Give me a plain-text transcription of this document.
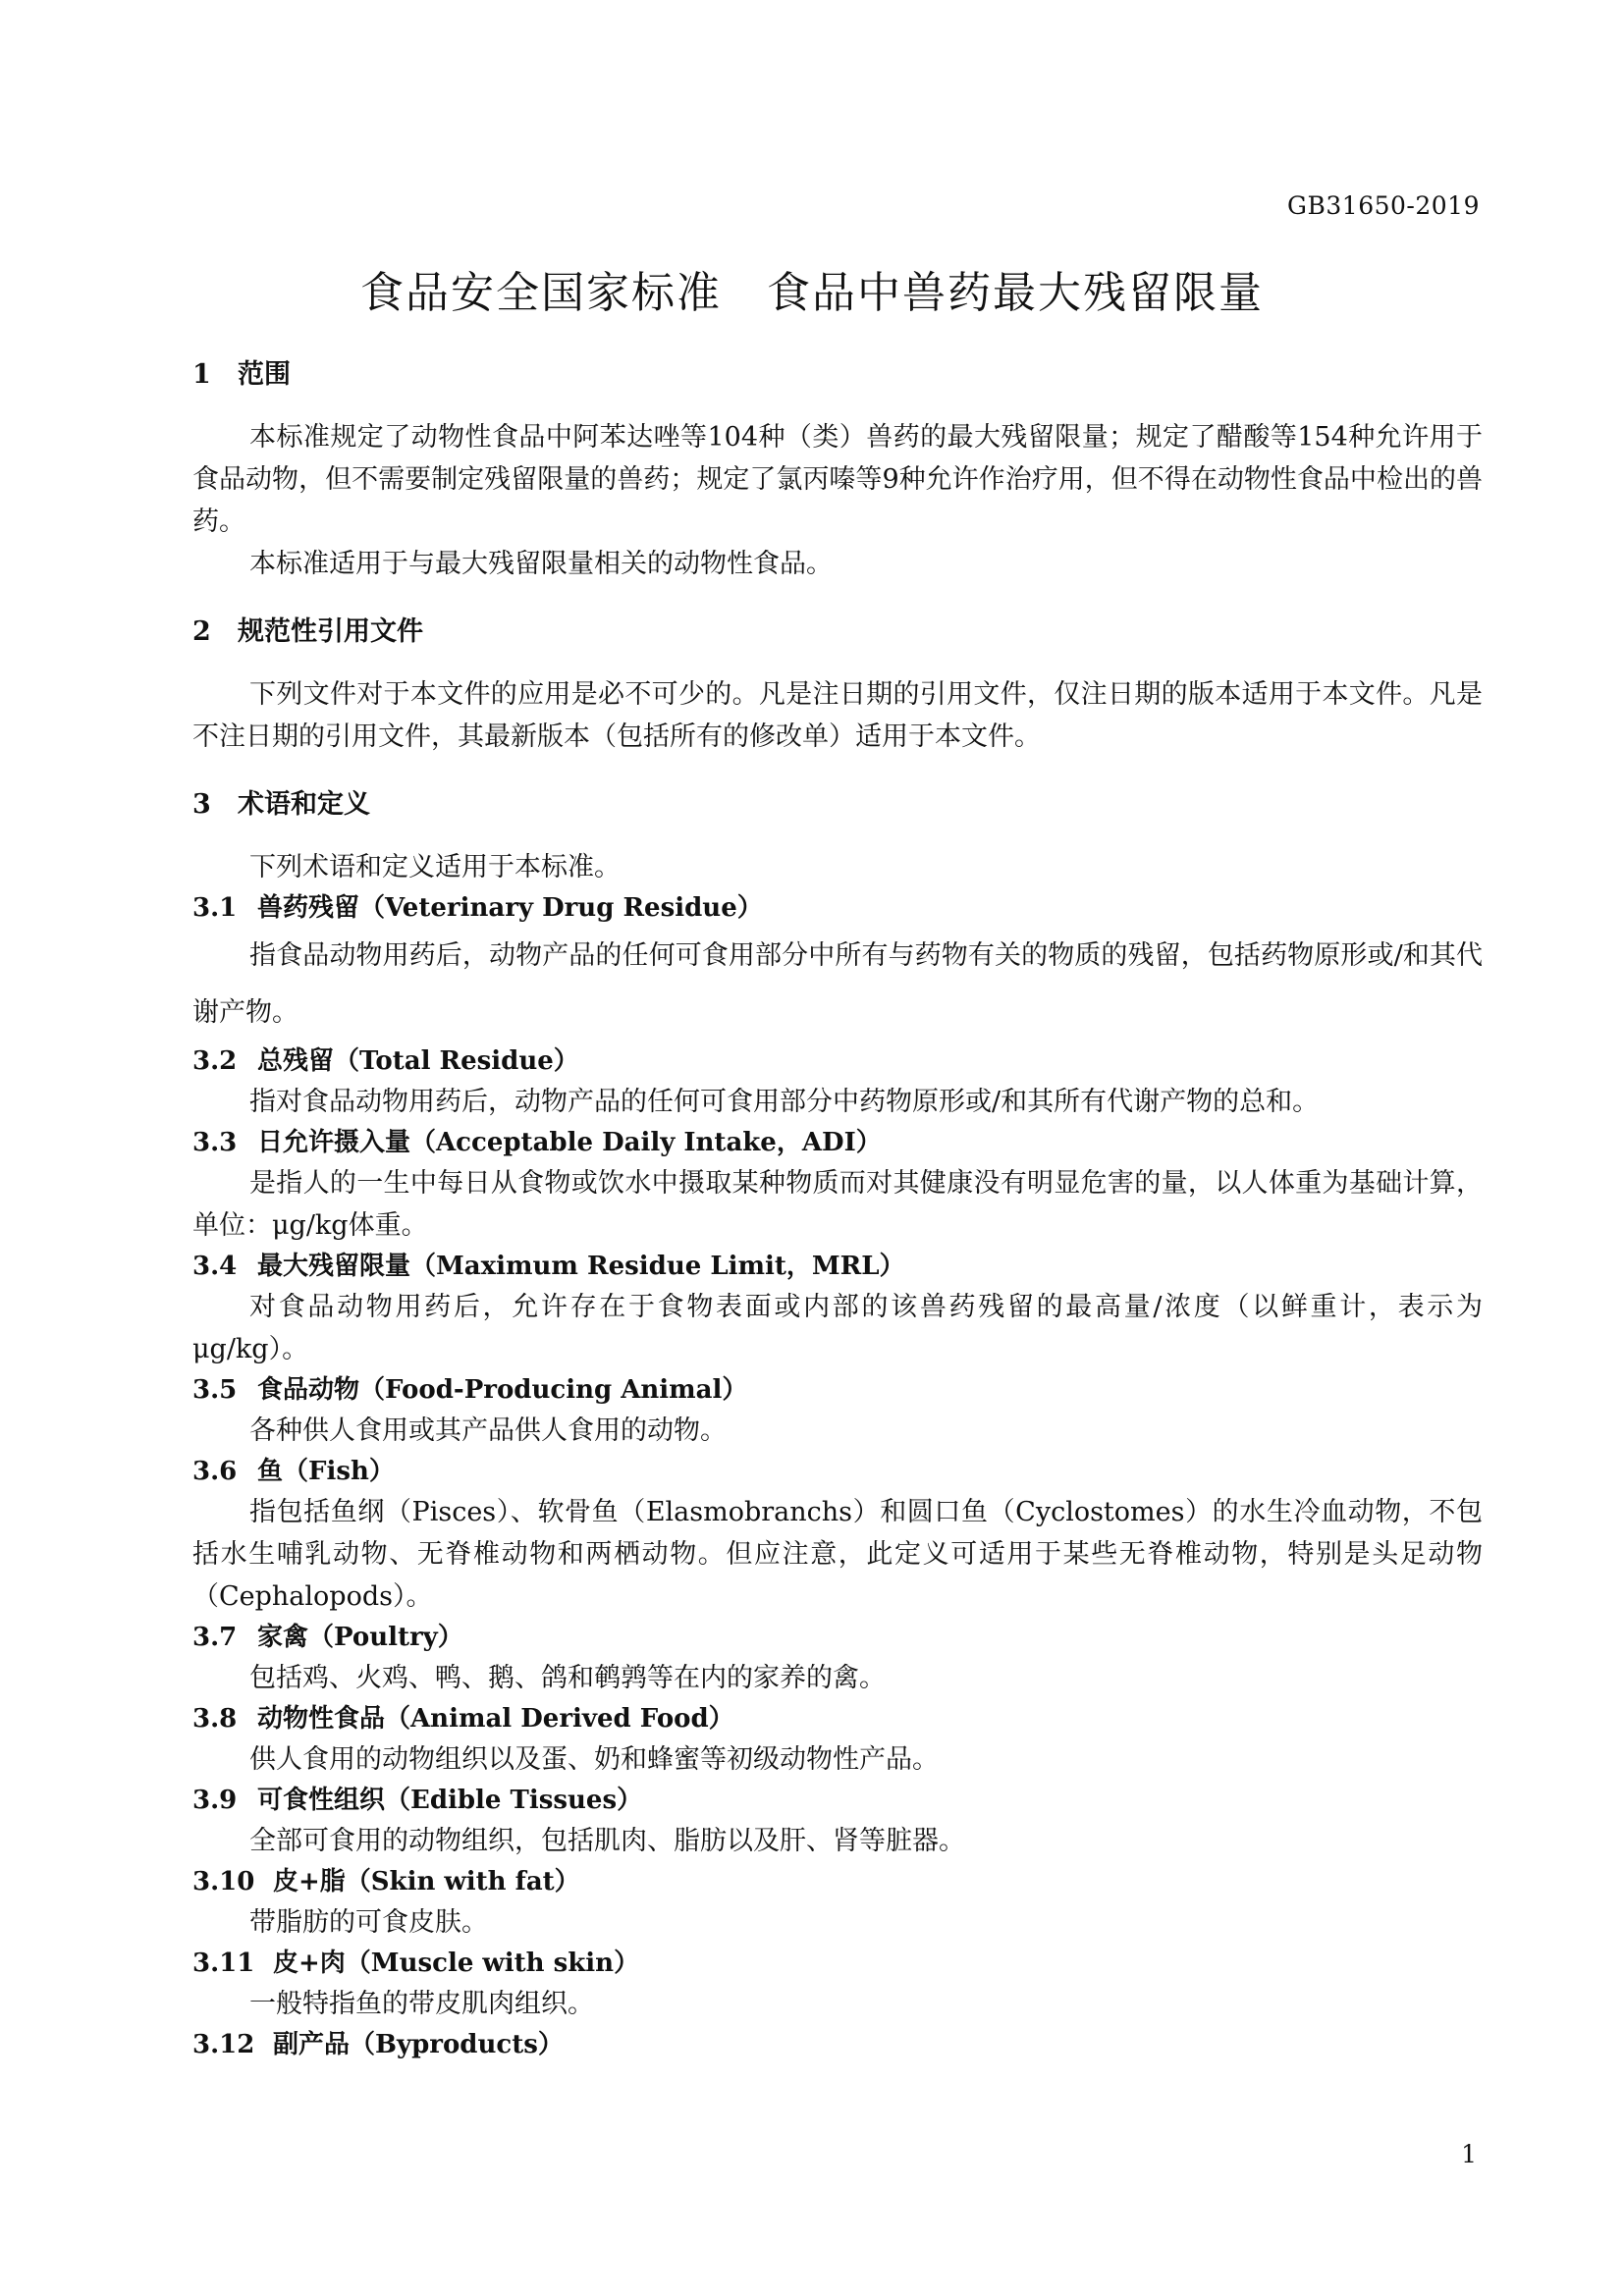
GB31650-2019
食品安全国家标准　食品中兽药最大残留限量

1 范围

本标准规定了动物性食品中阿苯达唑等104种（类）兽药的最大残留限量；规定了醋酸等154种允许用于食品动物，但不需要制定残留限量的兽药；规定了氯丙嗪等9种允许作治疗用，但不得在动物性食品中检出的兽药。

本标准适用于与最大残留限量相关的动物性食品。

2 规范性引用文件

下列文件对于本文件的应用是必不可少的。凡是注日期的引用文件，仅注日期的版本适用于本文件。凡是不注日期的引用文件，其最新版本（包括所有的修改单）适用于本文件。

3 术语和定义

下列术语和定义适用于本标准。

3.1 兽药残留（Veterinary Drug Residue）

指食品动物用药后，动物产品的任何可食用部分中所有与药物有关的物质的残留，包括药物原形或/和其代谢产物。

3.2 总残留（Total Residue）

指对食品动物用药后，动物产品的任何可食用部分中药物原形或/和其所有代谢产物的总和。

3.3 日允许摄入量（Acceptable Daily Intake，ADI）

是指人的一生中每日从食物或饮水中摄取某种物质而对其健康没有明显危害的量，以人体重为基础计算，单位：μg/kg体重。

3.4 最大残留限量（Maximum Residue Limit，MRL）

对食品动物用药后，允许存在于食物表面或内部的该兽药残留的最高量/浓度（以鲜重计，表示为μg/kg）。

3.5 食品动物（Food-Producing Animal）

各种供人食用或其产品供人食用的动物。

3.6 鱼（Fish）

指包括鱼纲（Pisces）、软骨鱼（Elasmobranchs）和圆口鱼（Cyclostomes）的水生冷血动物，不包括水生哺乳动物、无脊椎动物和两栖动物。但应注意，此定义可适用于某些无脊椎动物，特别是头足动物（Cephalopods）。

3.7 家禽（Poultry）

包括鸡、火鸡、鸭、鹅、鸽和鹌鹑等在内的家养的禽。

3.8 动物性食品（Animal Derived Food）

供人食用的动物组织以及蛋、奶和蜂蜜等初级动物性产品。

3.9 可食性组织（Edible Tissues）

全部可食用的动物组织，包括肌肉、脂肪以及肝、肾等脏器。

3.10 皮+脂（Skin with fat）

带脂肪的可食皮肤。

3.11 皮+肉（Muscle with skin）

一般特指鱼的带皮肌肉组织。

3.12 副产品（Byproducts）

1
